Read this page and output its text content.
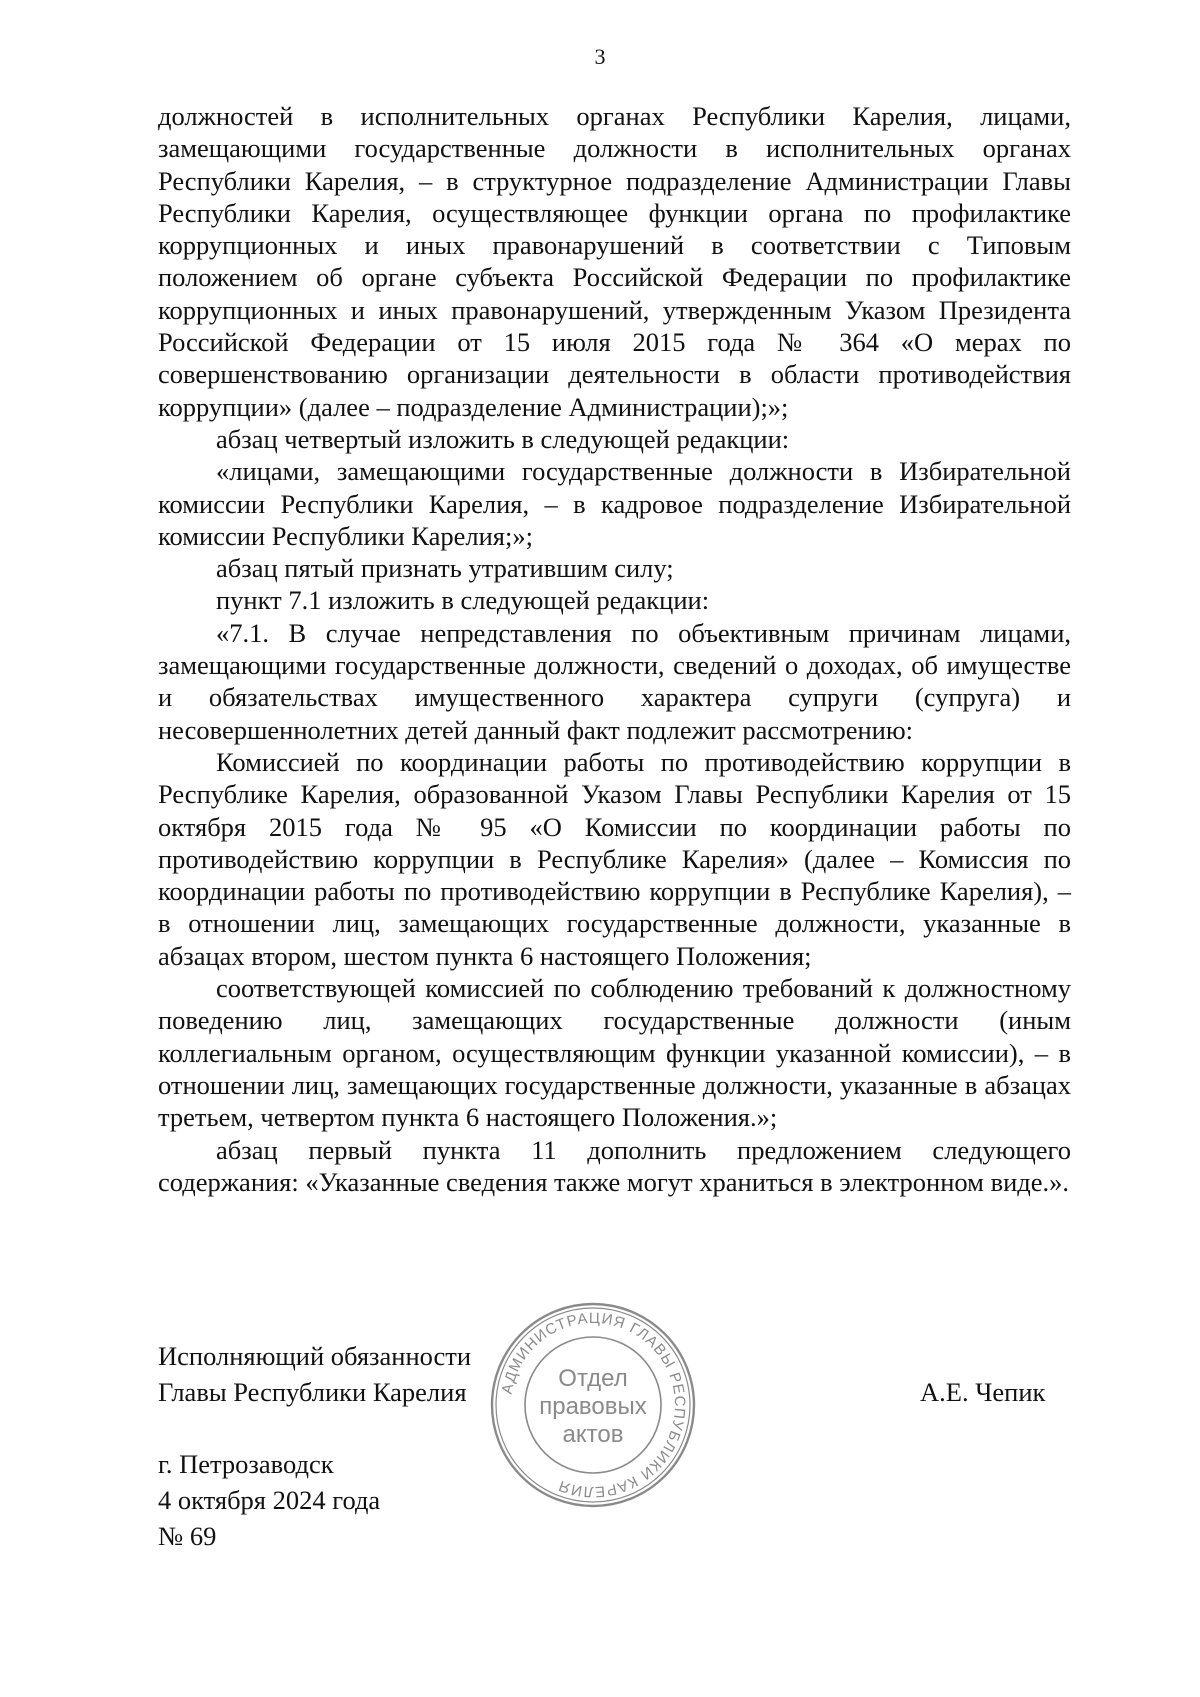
3

должностей в исполнительных органах Республики Карелия, лицами, замещающими государственные должности в исполнительных органах Республики Карелия, – в структурное подразделение Администрации Главы Республики Карелия, осуществляющее функции органа по профилактике коррупционных и иных правонарушений в соответствии с Типовым положением об органе субъекта Российской Федерации по профилактике коррупционных и иных правонарушений, утвержденным Указом Президента Российской Федерации от 15 июля 2015 года № 364 «О мерах по совершенствованию организации деятельности в области противодействия коррупции» (далее – подразделение Администрации);»;

абзац четвертый изложить в следующей редакции:

«лицами, замещающими государственные должности в Избирательной комиссии Республики Карелия, – в кадровое подразделение Избирательной комиссии Республики Карелия;»;

абзац пятый признать утратившим силу;

пункт 7.1 изложить в следующей редакции:

«7.1. В случае непредставления по объективным причинам лицами, замещающими государственные должности, сведений о доходах, об имуществе и обязательствах имущественного характера супруги (супруга) и несовершеннолетних детей данный факт подлежит рассмотрению:

Комиссией по координации работы по противодействию коррупции в Республике Карелия, образованной Указом Главы Республики Карелия от 15 октября 2015 года № 95 «О Комиссии по координации работы по противодействию коррупции в Республике Карелия» (далее – Комиссия по координации работы по противодействию коррупции в Республике Карелия), – в отношении лиц, замещающих государственные должности, указанные в абзацах втором, шестом пункта 6 настоящего Положения;

соответствующей комиссией по соблюдению требований к должностному поведению лиц, замещающих государственные должности (иным коллегиальным органом, осуществляющим функции указанной комиссии), – в отношении лиц, замещающих государственные должности, указанные в абзацах третьем, четвертом пункта 6 настоящего Положения.»;

абзац первый пункта 11 дополнить предложением следующего содержания: «Указанные сведения также могут храниться в электронном виде.».

Исполняющий обязанности
Главы Республики Карелия	А.Е. Чепик
г. Петрозаводск
4 октября 2024 года
№ 69
АДМИНИСТРАЦИЯ ГЛАВЫ РЕСПУБЛИКИ КАРЕЛИЯ
Отдел
правовых
актов
